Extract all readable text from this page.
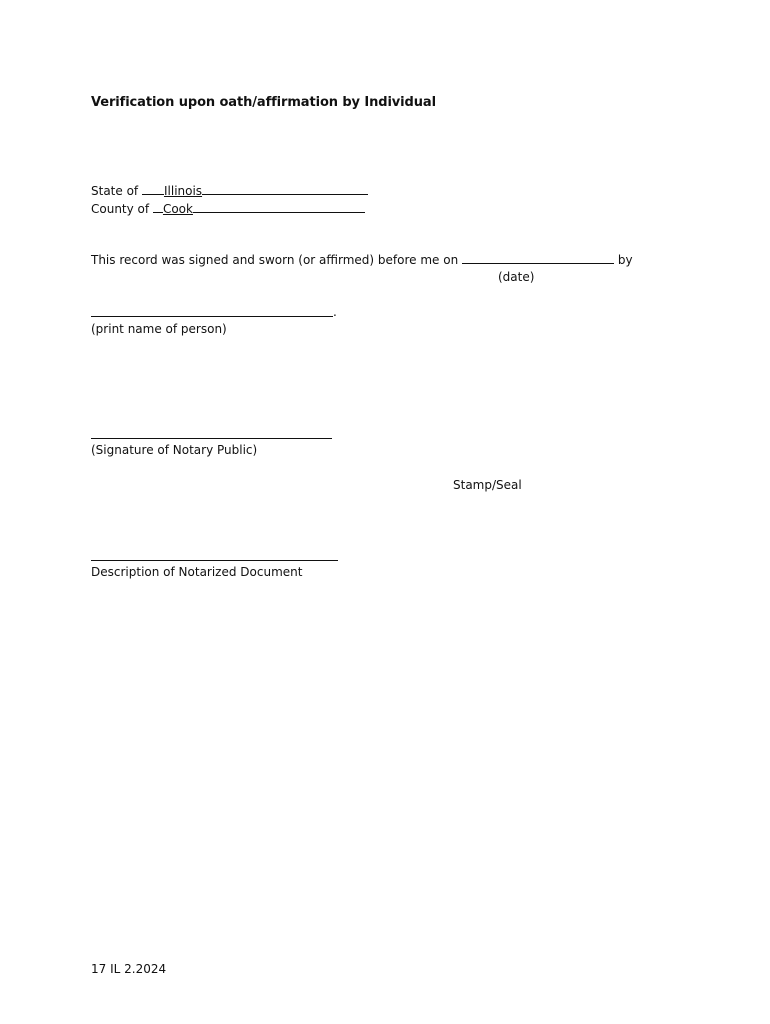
Verification upon oath/affirmation by Individual
State of Illinois
County of Cook
This record was signed and sworn (or affirmed) before me on	by
(date)
.
(print name of person)
(Signature of Notary Public)
Stamp/Seal
Description of Notarized Document
17 IL 2.2024
